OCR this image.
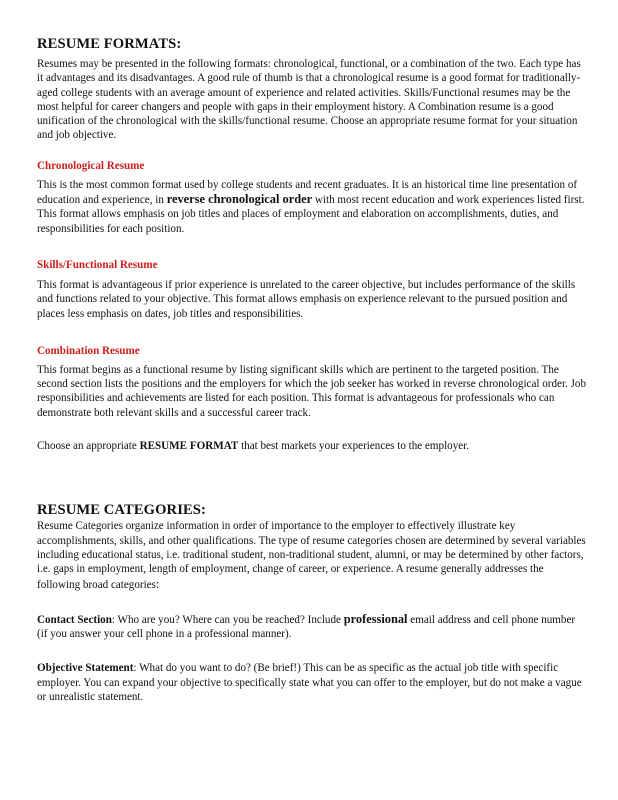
RESUME FORMATS:

Resumes may be presented in the following formats: chronological, functional, or a combination of the two. Each type has it advantages and its disadvantages. A good rule of thumb is that a chronological resume is a good format for traditionally-aged college students with an average amount of experience and related activities. Skills/Functional resumes may be the most helpful for career changers and people with gaps in their employment history. A Combination resume is a good unification of the chronological with the skills/functional resume. Choose an appropriate resume format for your situation and job objective.

Chronological Resume

This is the most common format used by college students and recent graduates. It is an historical time line presentation of education and experience, in reverse chronological order with most recent education and work experiences listed first. This format allows emphasis on job titles and places of employment and elaboration on accomplishments, duties, and responsibilities for each position.

Skills/Functional Resume

This format is advantageous if prior experience is unrelated to the career objective, but includes performance of the skills and functions related to your objective. This format allows emphasis on experience relevant to the pursued position and places less emphasis on dates, job titles and responsibilities.

Combination Resume

This format begins as a functional resume by listing significant skills which are pertinent to the targeted position. The second section lists the positions and the employers for which the job seeker has worked in reverse chronological order. Job responsibilities and achievements are listed for each position. This format is advantageous for professionals who can demonstrate both relevant skills and a successful career track.

Choose an appropriate RESUME FORMAT that best markets your experiences to the employer.

RESUME CATEGORIES:

Resume Categories organize information in order of importance to the employer to effectively illustrate key accomplishments, skills, and other qualifications. The type of resume categories chosen are determined by several variables including educational status, i.e. traditional student, non-traditional student, alumni, or may be determined by other factors, i.e. gaps in employment, length of employment, change of career, or experience. A resume generally addresses the following broad categories:

Contact Section: Who are you? Where can you be reached? Include professional email address and cell phone number (if you answer your cell phone in a professional manner).

Objective Statement: What do you want to do? (Be brief!) This can be as specific as the actual job title with specific employer. You can expand your objective to specifically state what you can offer to the employer, but do not make a vague or unrealistic statement.
